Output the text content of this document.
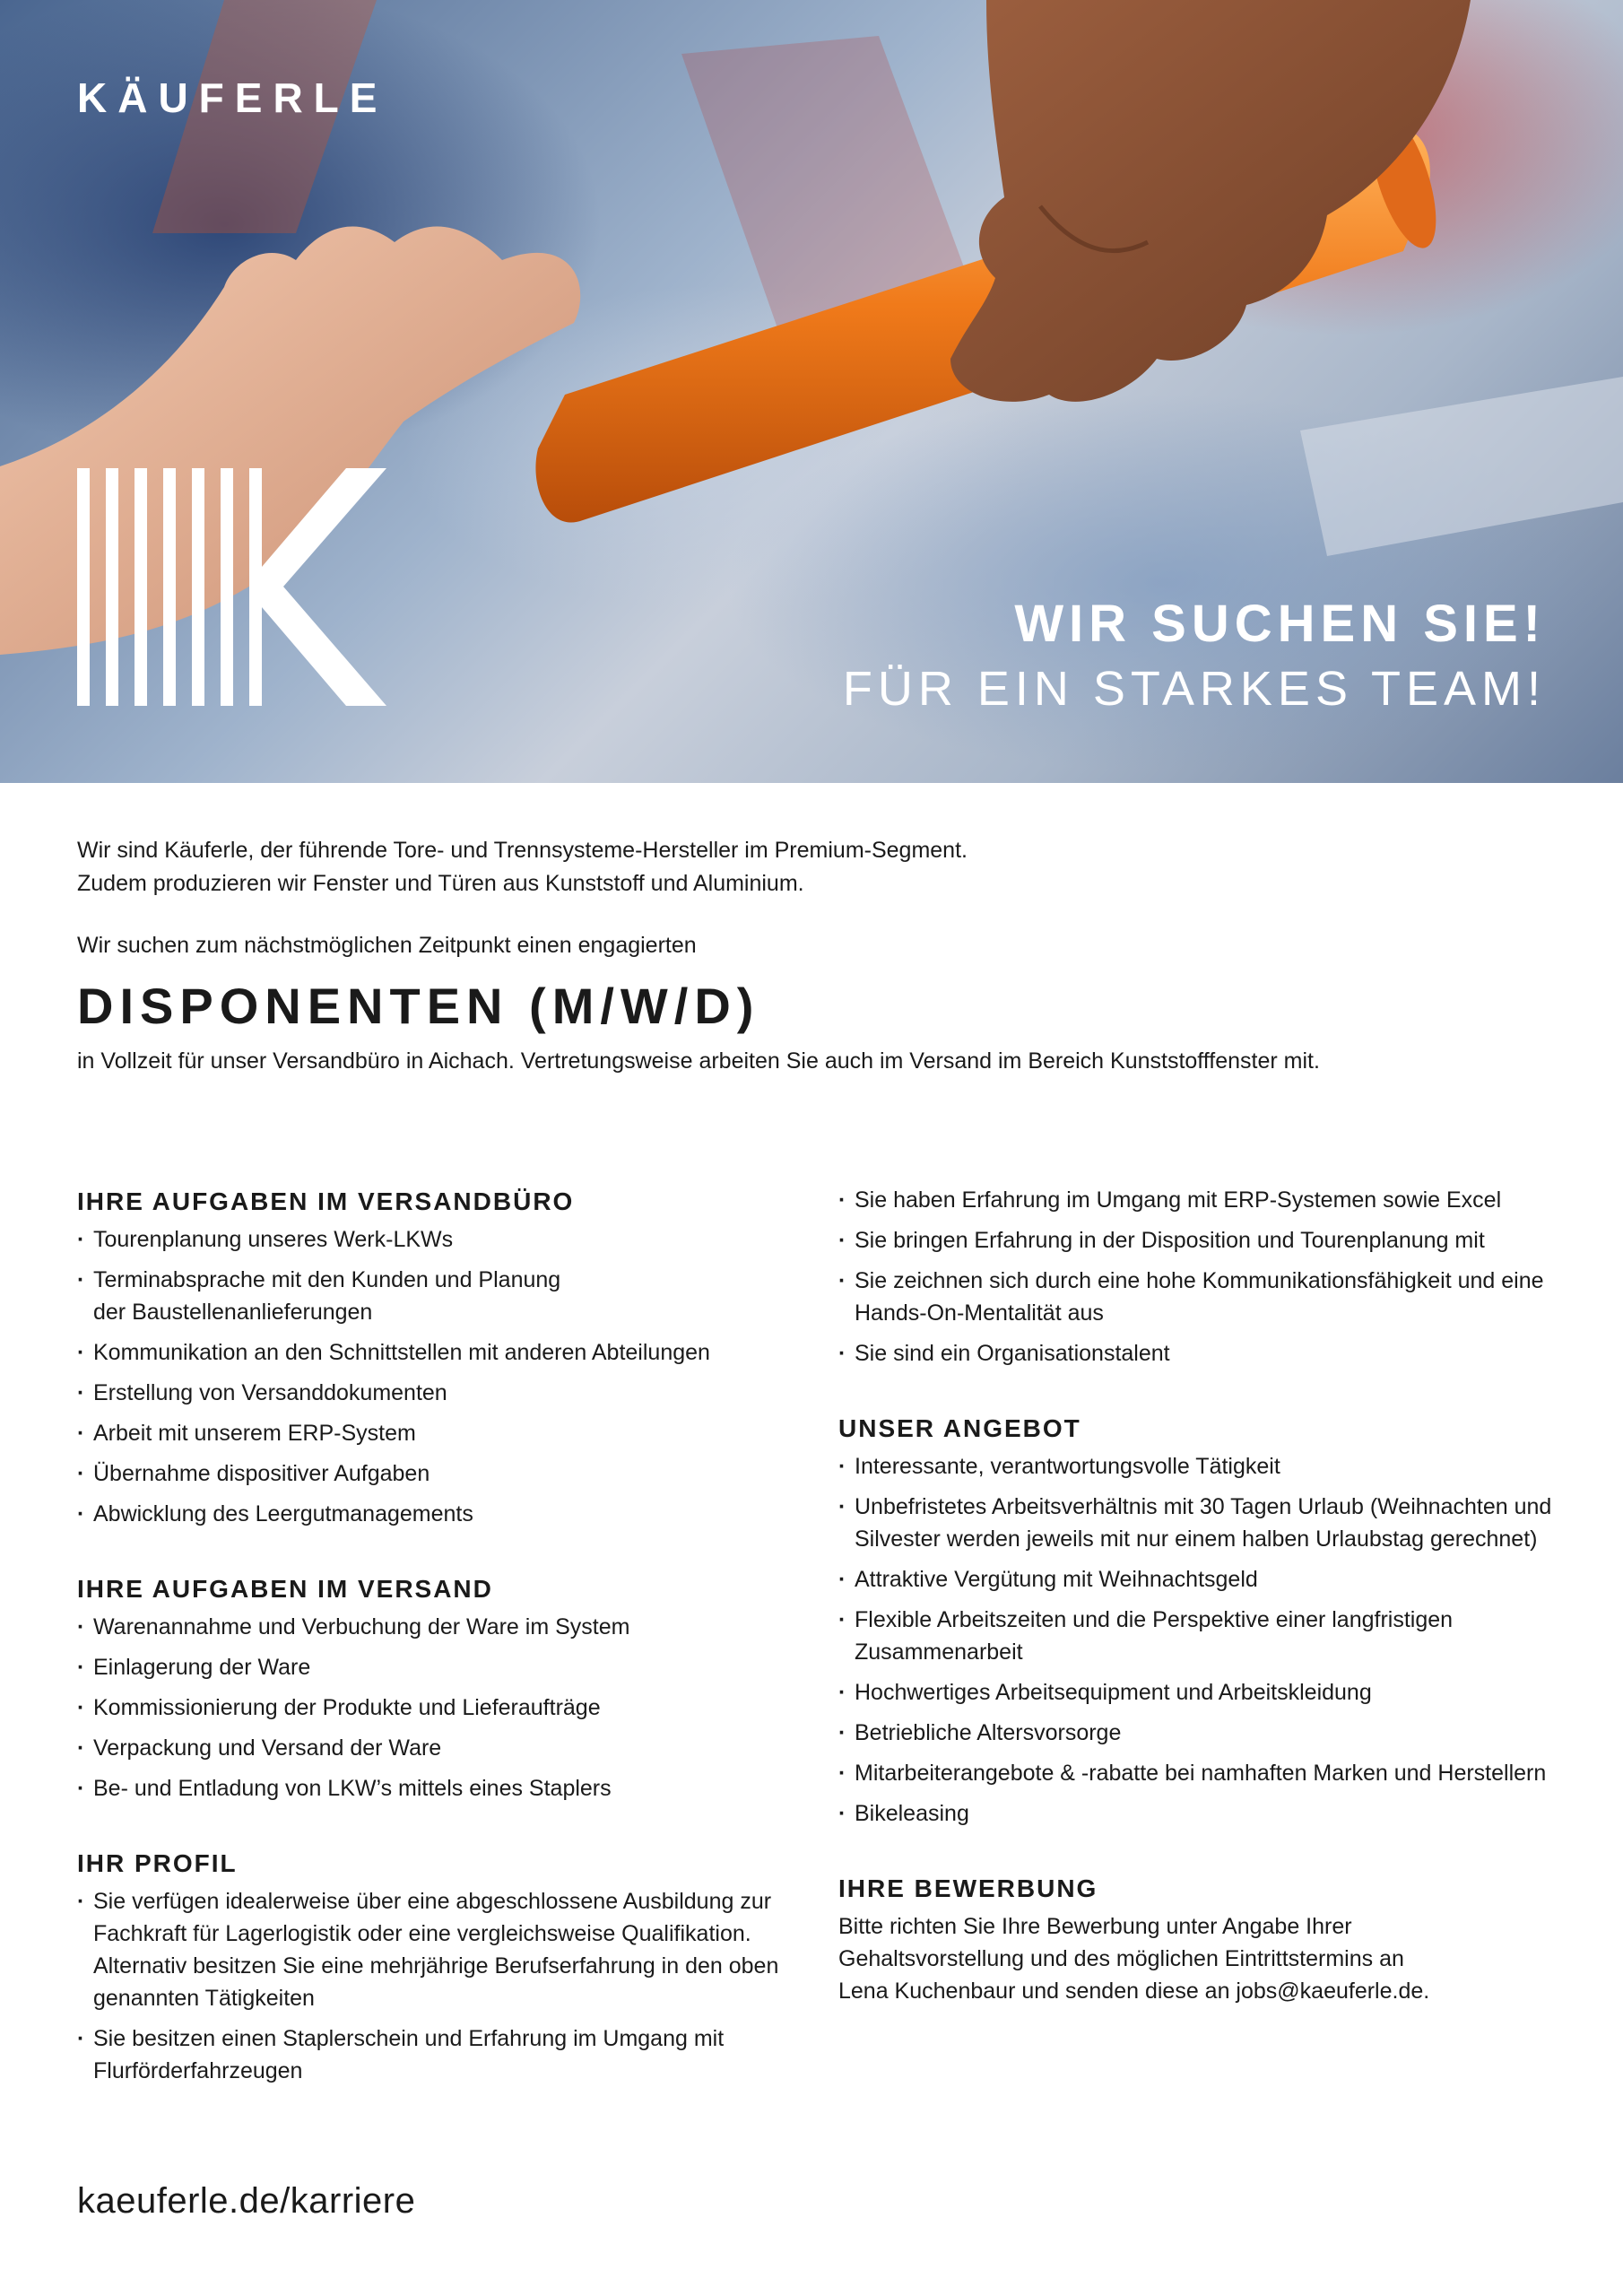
KÄUFERLE
WIR SUCHEN SIE!
FÜR EIN STARKES TEAM!

Wir sind Käuferle, der führende Tore- und Trennsysteme-Hersteller im Premium-Segment.

Zudem produzieren wir Fenster und Türen aus Kunststoff und Aluminium.

Wir suchen zum nächstmöglichen Zeitpunkt einen engagierten

DISPONENTEN (M/W/D)

in Vollzeit für unser Versandbüro in Aichach. Vertretungsweise arbeiten Sie auch im Versand im Bereich Kunststofffenster mit.

IHRE AUFGABEN IM VERSANDBÜRO
· Tourenplanung unseres Werk-LKWs
· Terminabsprache mit den Kunden und Planung der Baustellenanlieferungen
· Kommunikation an den Schnittstellen mit anderen Abteilungen
· Erstellung von Versanddokumenten
· Arbeit mit unserem ERP-System
· Übernahme dispositiver Aufgaben
· Abwicklung des Leergutmanagements
IHRE AUFGABEN IM VERSAND
· Warenannahme und Verbuchung der Ware im System
· Einlagerung der Ware
· Kommissionierung der Produkte und Lieferaufträge
· Verpackung und Versand der Ware
· Be- und Entladung von LKW’s mittels eines Staplers
IHR PROFIL
· Sie verfügen idealerweise über eine abgeschlossene Ausbildung zur Fachkraft für Lagerlogistik oder eine vergleichsweise Qualifikation. Alternativ besitzen Sie eine mehrjährige Berufserfahrung in den oben genannten Tätigkeiten
· Sie besitzen einen Staplerschein und Erfahrung im Umgang mit Flurförderfahrzeugen
kaeuferle.de/karriere
· Sie haben Erfahrung im Umgang mit ERP-Systemen sowie Excel
· Sie bringen Erfahrung in der Disposition und Tourenplanung mit
· Sie zeichnen sich durch eine hohe Kommunikationsfähigkeit und eine Hands-On-Mentalität aus
· Sie sind ein Organisationstalent
UNSER ANGEBOT
· Interessante, verantwortungsvolle Tätigkeit
· Unbefristetes Arbeitsverhältnis mit 30 Tagen Urlaub (Weihnachten und Silvester werden jeweils mit nur einem halben Urlaubstag gerechnet)
· Attraktive Vergütung mit Weihnachtsgeld
· Flexible Arbeitszeiten und die Perspektive einer langfristigen Zusammenarbeit
· Hochwertiges Arbeitsequipment und Arbeitskleidung
· Betriebliche Altersvorsorge
· Mitarbeiterangebote & -rabatte bei namhaften Marken und Herstellern
· Bikeleasing
IHRE BEWERBUNG

Bitte richten Sie Ihre Bewerbung unter Angabe Ihrer

Gehaltsvorstellung und des möglichen Eintrittstermins an

Lena Kuchenbaur und senden diese an jobs@kaeuferle.de.
